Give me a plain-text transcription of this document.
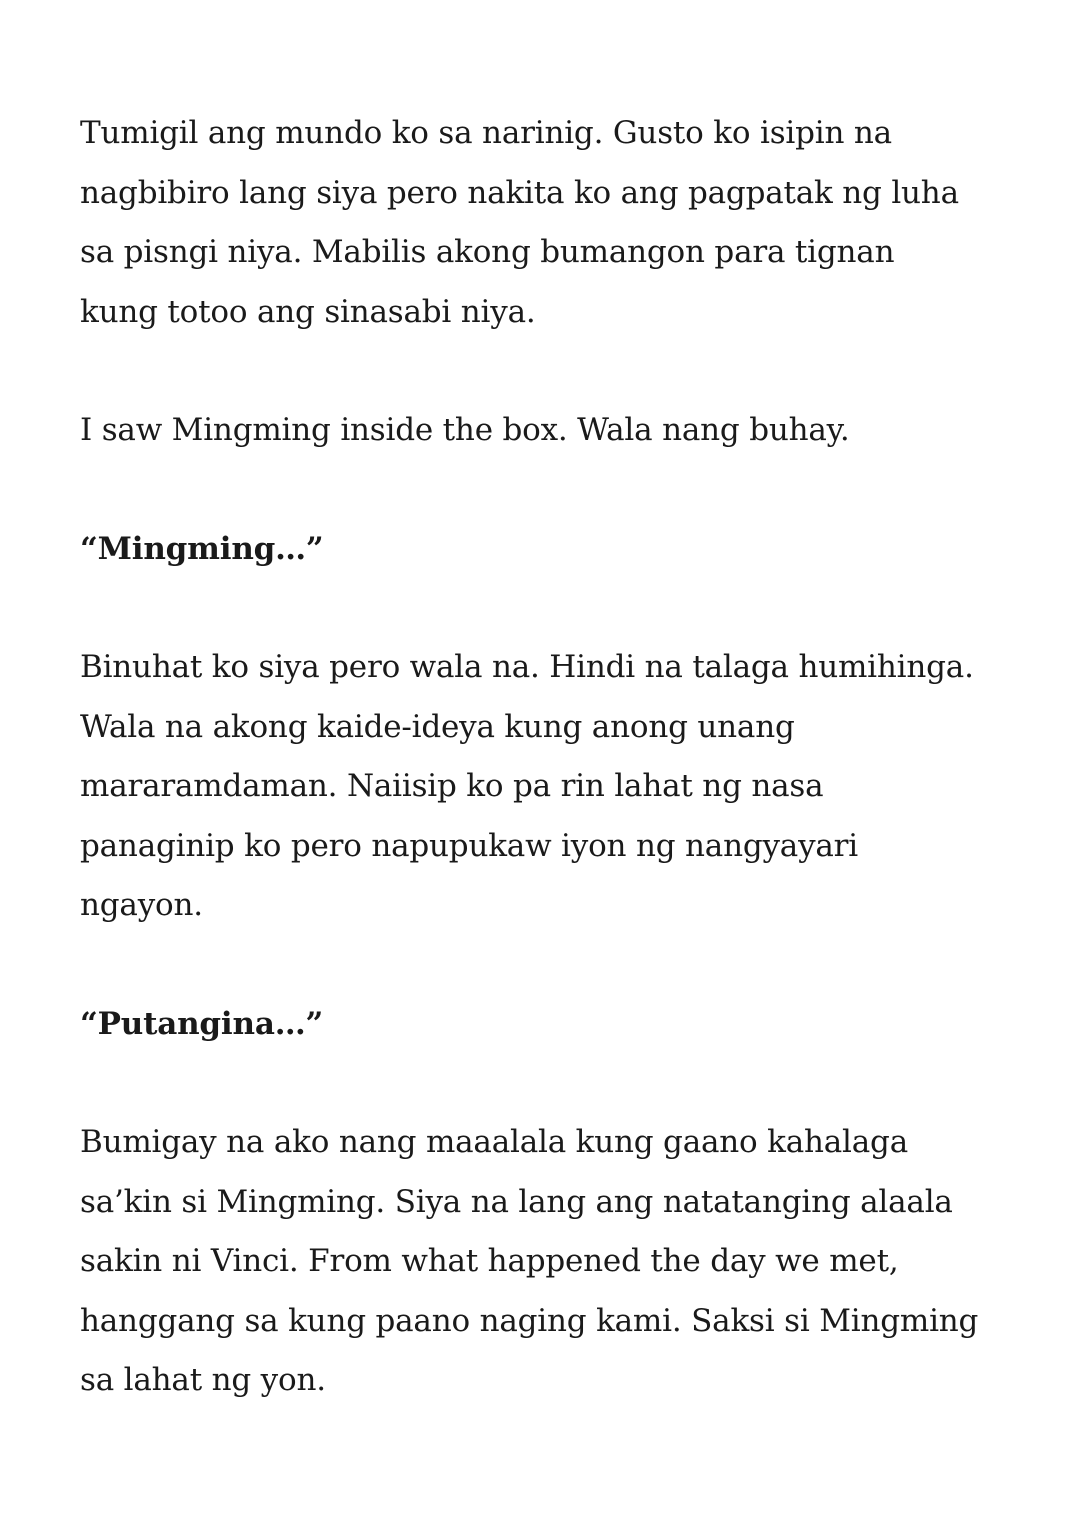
Tumigil ang mundo ko sa narinig. Gusto ko isipin na
nagbibiro lang siya pero nakita ko ang pagpatak ng luha
sa pisngi niya. Mabilis akong bumangon para tignan
kung totoo ang sinasabi niya.

I saw Mingming inside the box. Wala nang buhay.

“Mingming…”

Binuhat ko siya pero wala na. Hindi na talaga humihinga.
Wala na akong kaide-ideya kung anong unang
mararamdaman. Naiisip ko pa rin lahat ng nasa
panaginip ko pero napupukaw iyon ng nangyayari
ngayon.

“Putangina…”

Bumigay na ako nang maaalala kung gaano kahalaga
sa’kin si Mingming. Siya na lang ang natatanging alaala
sakin ni Vinci. From what happened the day we met,
hanggang sa kung paano naging kami. Saksi si Mingming
sa lahat ng yon.
